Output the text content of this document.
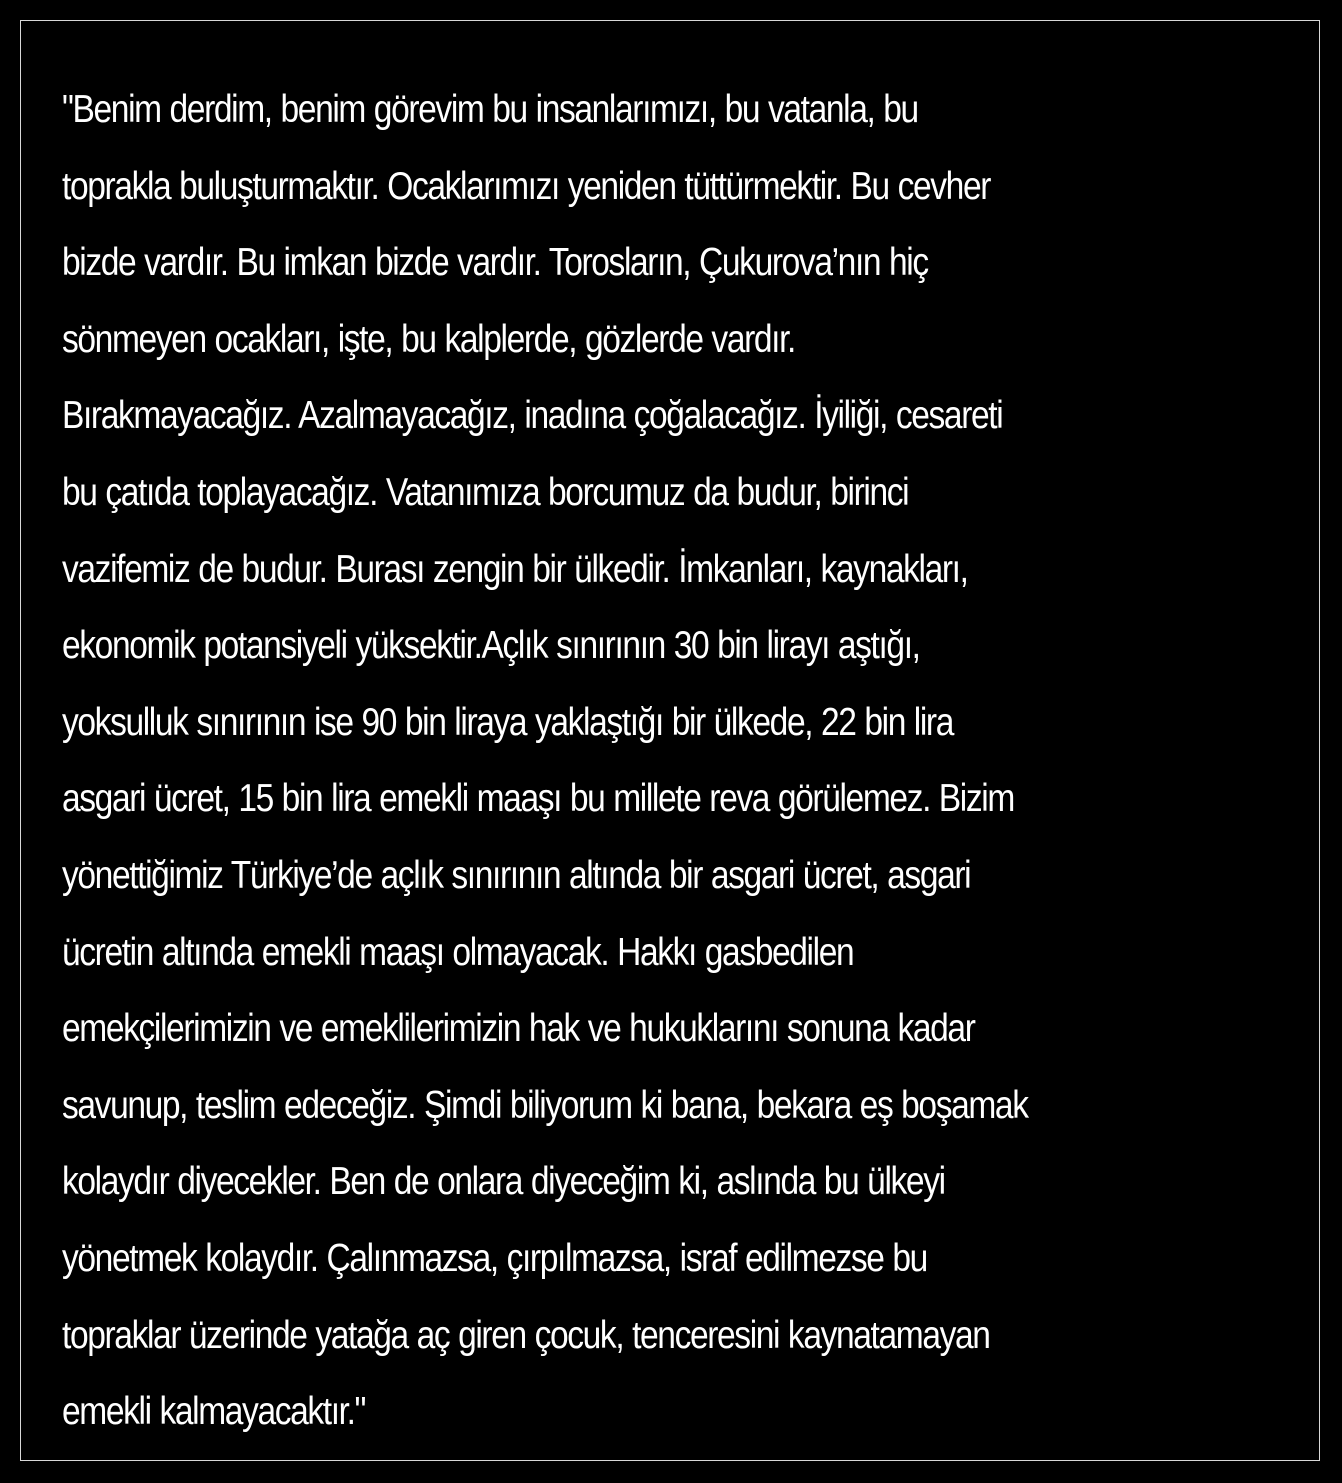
"Benim derdim, benim görevim bu insanlarımızı, bu vatanla, bu
toprakla buluşturmaktır. Ocaklarımızı yeniden tüttürmektir. Bu cevher
bizde vardır. Bu imkan bizde vardır. Torosların, Çukurova’nın hiç
sönmeyen ocakları, işte, bu kalplerde, gözlerde vardır.
Bırakmayacağız. Azalmayacağız, inadına çoğalacağız. İyiliği, cesareti
bu çatıda toplayacağız. Vatanımıza borcumuz da budur, birinci
vazifemiz de budur. Burası zengin bir ülkedir. İmkanları, kaynakları,
ekonomik potansiyeli yüksektir.Açlık sınırının 30 bin lirayı aştığı,
yoksulluk sınırının ise 90 bin liraya yaklaştığı bir ülkede, 22 bin lira
asgari ücret, 15 bin lira emekli maaşı bu millete reva görülemez. Bizim
yönettiğimiz Türkiye’de açlık sınırının altında bir asgari ücret, asgari
ücretin altında emekli maaşı olmayacak. Hakkı gasbedilen
emekçilerimizin ve emeklilerimizin hak ve hukuklarını sonuna kadar
savunup, teslim edeceğiz. Şimdi biliyorum ki bana, bekara eş boşamak
kolaydır diyecekler. Ben de onlara diyeceğim ki, aslında bu ülkeyi
yönetmek kolaydır. Çalınmazsa, çırpılmazsa, israf edilmezse bu
topraklar üzerinde yatağa aç giren çocuk, tenceresini kaynatamayan
emekli kalmayacaktır."
